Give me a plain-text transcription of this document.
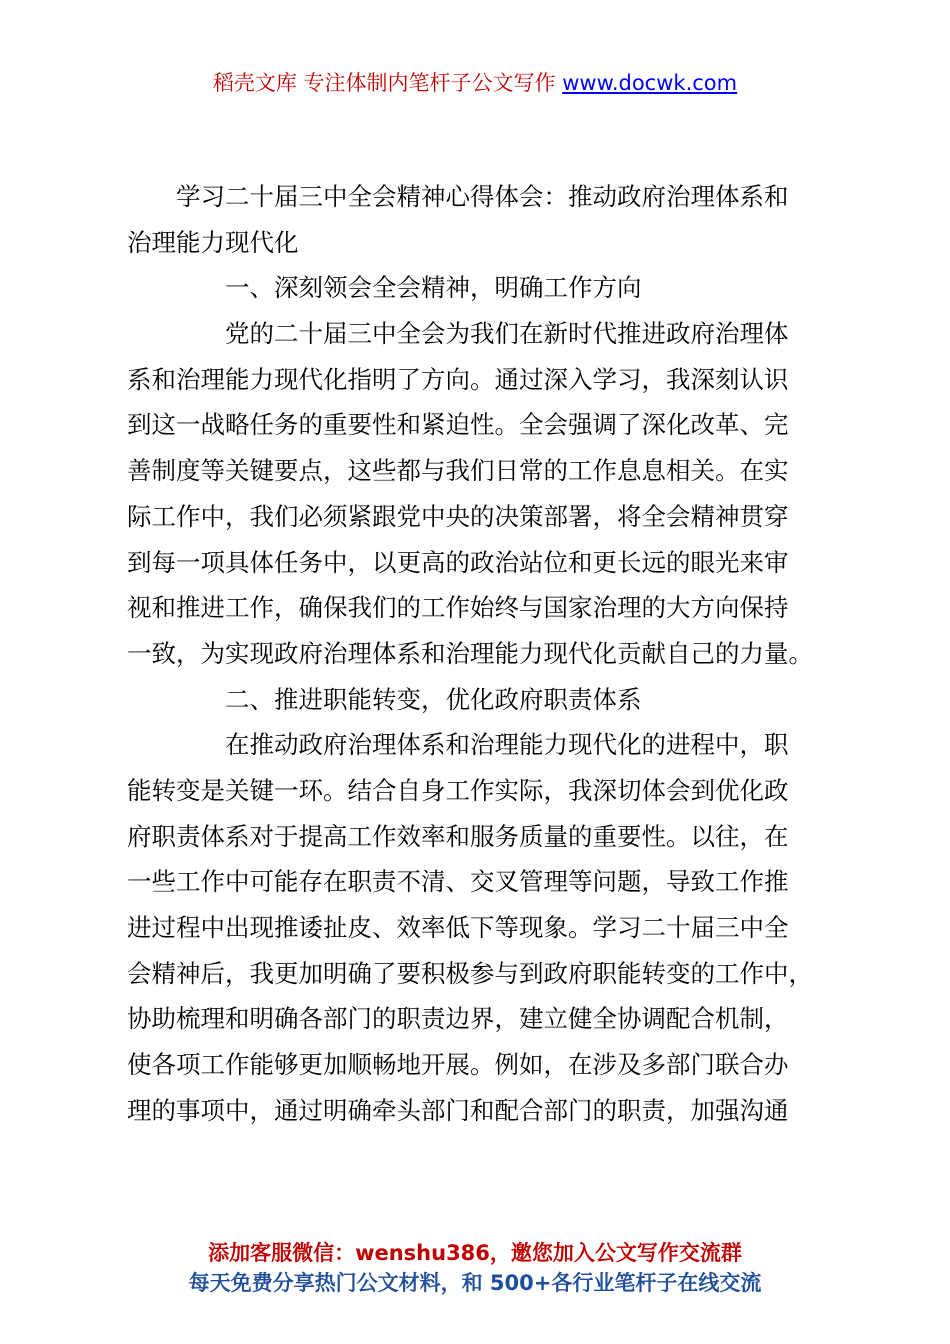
稻壳文库 专注体制内笔杆子公文写作 www.docwk.com
　　学习二十届三中全会精神心得体会：推动政府治理体系和
治理能力现代化
　　　　一、深刻领会全会精神，明确工作方向
　　　　党的二十届三中全会为我们在新时代推进政府治理体
系和治理能力现代化指明了方向。通过深入学习，我深刻认识
到这一战略任务的重要性和紧迫性。全会强调了深化改革、完
善制度等关键要点，这些都与我们日常的工作息息相关。在实
际工作中，我们必须紧跟党中央的决策部署，将全会精神贯穿
到每一项具体任务中，以更高的政治站位和更长远的眼光来审
视和推进工作，确保我们的工作始终与国家治理的大方向保持
一致，为实现政府治理体系和治理能力现代化贡献自己的力量。
　　　　二、推进职能转变，优化政府职责体系
　　　　在推动政府治理体系和治理能力现代化的进程中，职
能转变是关键一环。结合自身工作实际，我深切体会到优化政
府职责体系对于提高工作效率和服务质量的重要性。以往，在
一些工作中可能存在职责不清、交叉管理等问题，导致工作推
进过程中出现推诿扯皮、效率低下等现象。学习二十届三中全
会精神后，我更加明确了要积极参与到政府职能转变的工作中，
协助梳理和明确各部门的职责边界，建立健全协调配合机制，
使各项工作能够更加顺畅地开展。例如，在涉及多部门联合办
理的事项中，通过明确牵头部门和配合部门的职责，加强沟通
添加客服微信：wenshu386，邀您加入公文写作交流群
每天免费分享热门公文材料，和 500+各行业笔杆子在线交流
